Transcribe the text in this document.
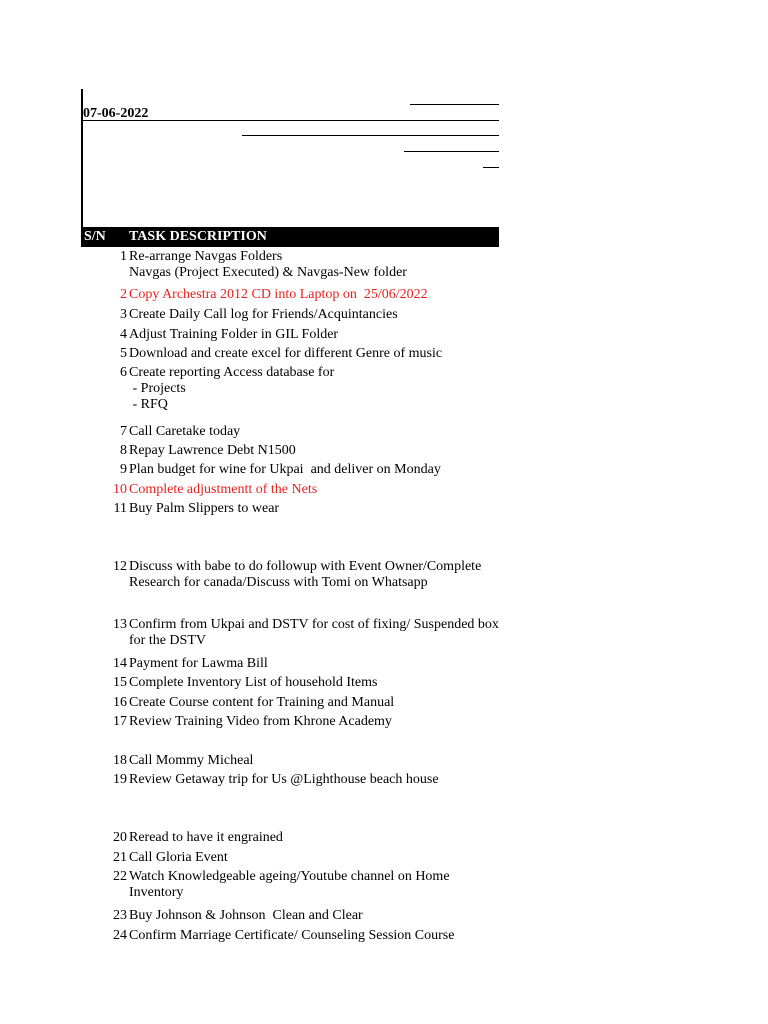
07-06-2022
S/N TASK DESCRIPTION
1 Re-arrange Navgas Folders
Navgas (Project Executed) & Navgas-New folder
2 Copy Archestra 2012 CD into Laptop on  25/06/2022
3 Create Daily Call log for Friends/Acquintancies
4 Adjust Training Folder in GIL Folder
5 Download and create excel for different Genre of music
6 Create reporting Access database for
- Projects
- RFQ
7 Call Caretake today
8 Repay Lawrence Debt N1500
9 Plan budget for wine for Ukpai  and deliver on Monday
10 Complete adjustmentt of the Nets
11 Buy Palm Slippers to wear
12 Discuss with babe to do followup with Event Owner/Complete
Research for canada/Discuss with Tomi on Whatsapp
13 Confirm from Ukpai and DSTV for cost of fixing/ Suspended box
for the DSTV
14 Payment for Lawma Bill
15 Complete Inventory List of household Items
16 Create Course content for Training and Manual
17 Review Training Video from Khrone Academy
18 Call Mommy Micheal
19 Review Getaway trip for Us @Lighthouse beach house
20 Reread to have it engrained
21 Call Gloria Event
22 Watch Knowledgeable ageing/Youtube channel on Home
Inventory
23 Buy Johnson & Johnson  Clean and Clear
24 Confirm Marriage Certificate/ Counseling Session Course
